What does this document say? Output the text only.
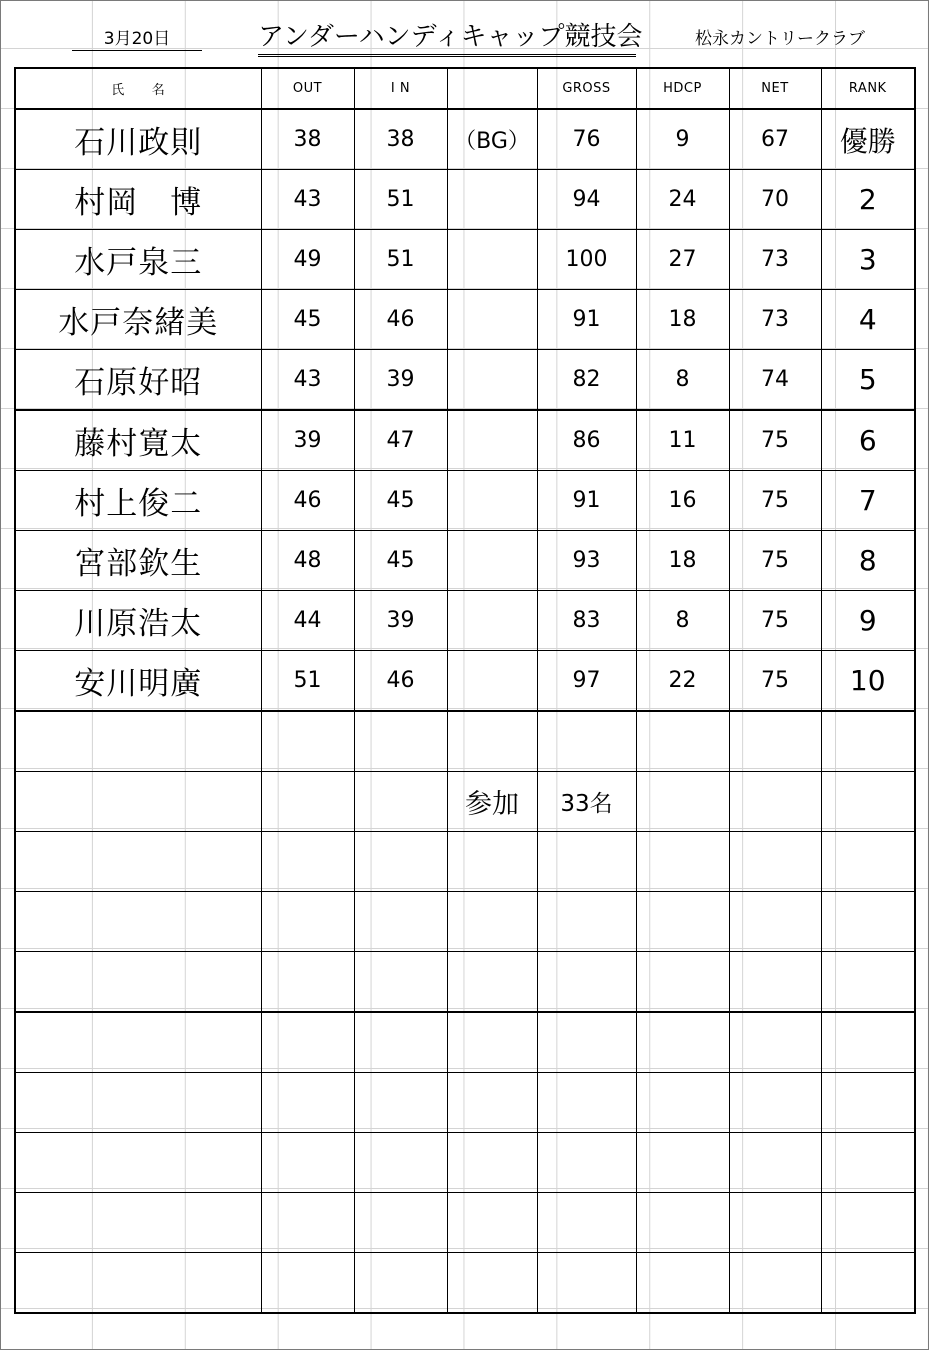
3月20日	アンダーハンディキャップ競技会	松永カントリークラブ
氏　　名	OUT	I N		GROSS	HDCP	NET	RANK
石川政則	38	38	（BG）	76	9	67	優勝
村岡　博	43	51		94	24	70	2
水戸泉三	49	51		100	27	73	3
水戸奈緒美	45	46		91	18	73	4
石原好昭	43	39		82	8	74	5
藤村寛太	39	47		86	11	75	6
村上俊二	46	45		91	16	75	7
宮部欽生	48	45		93	18	75	8
川原浩太	44	39		83	8	75	9
安川明廣	51	46		97	22	75	10

			参加	33名			
